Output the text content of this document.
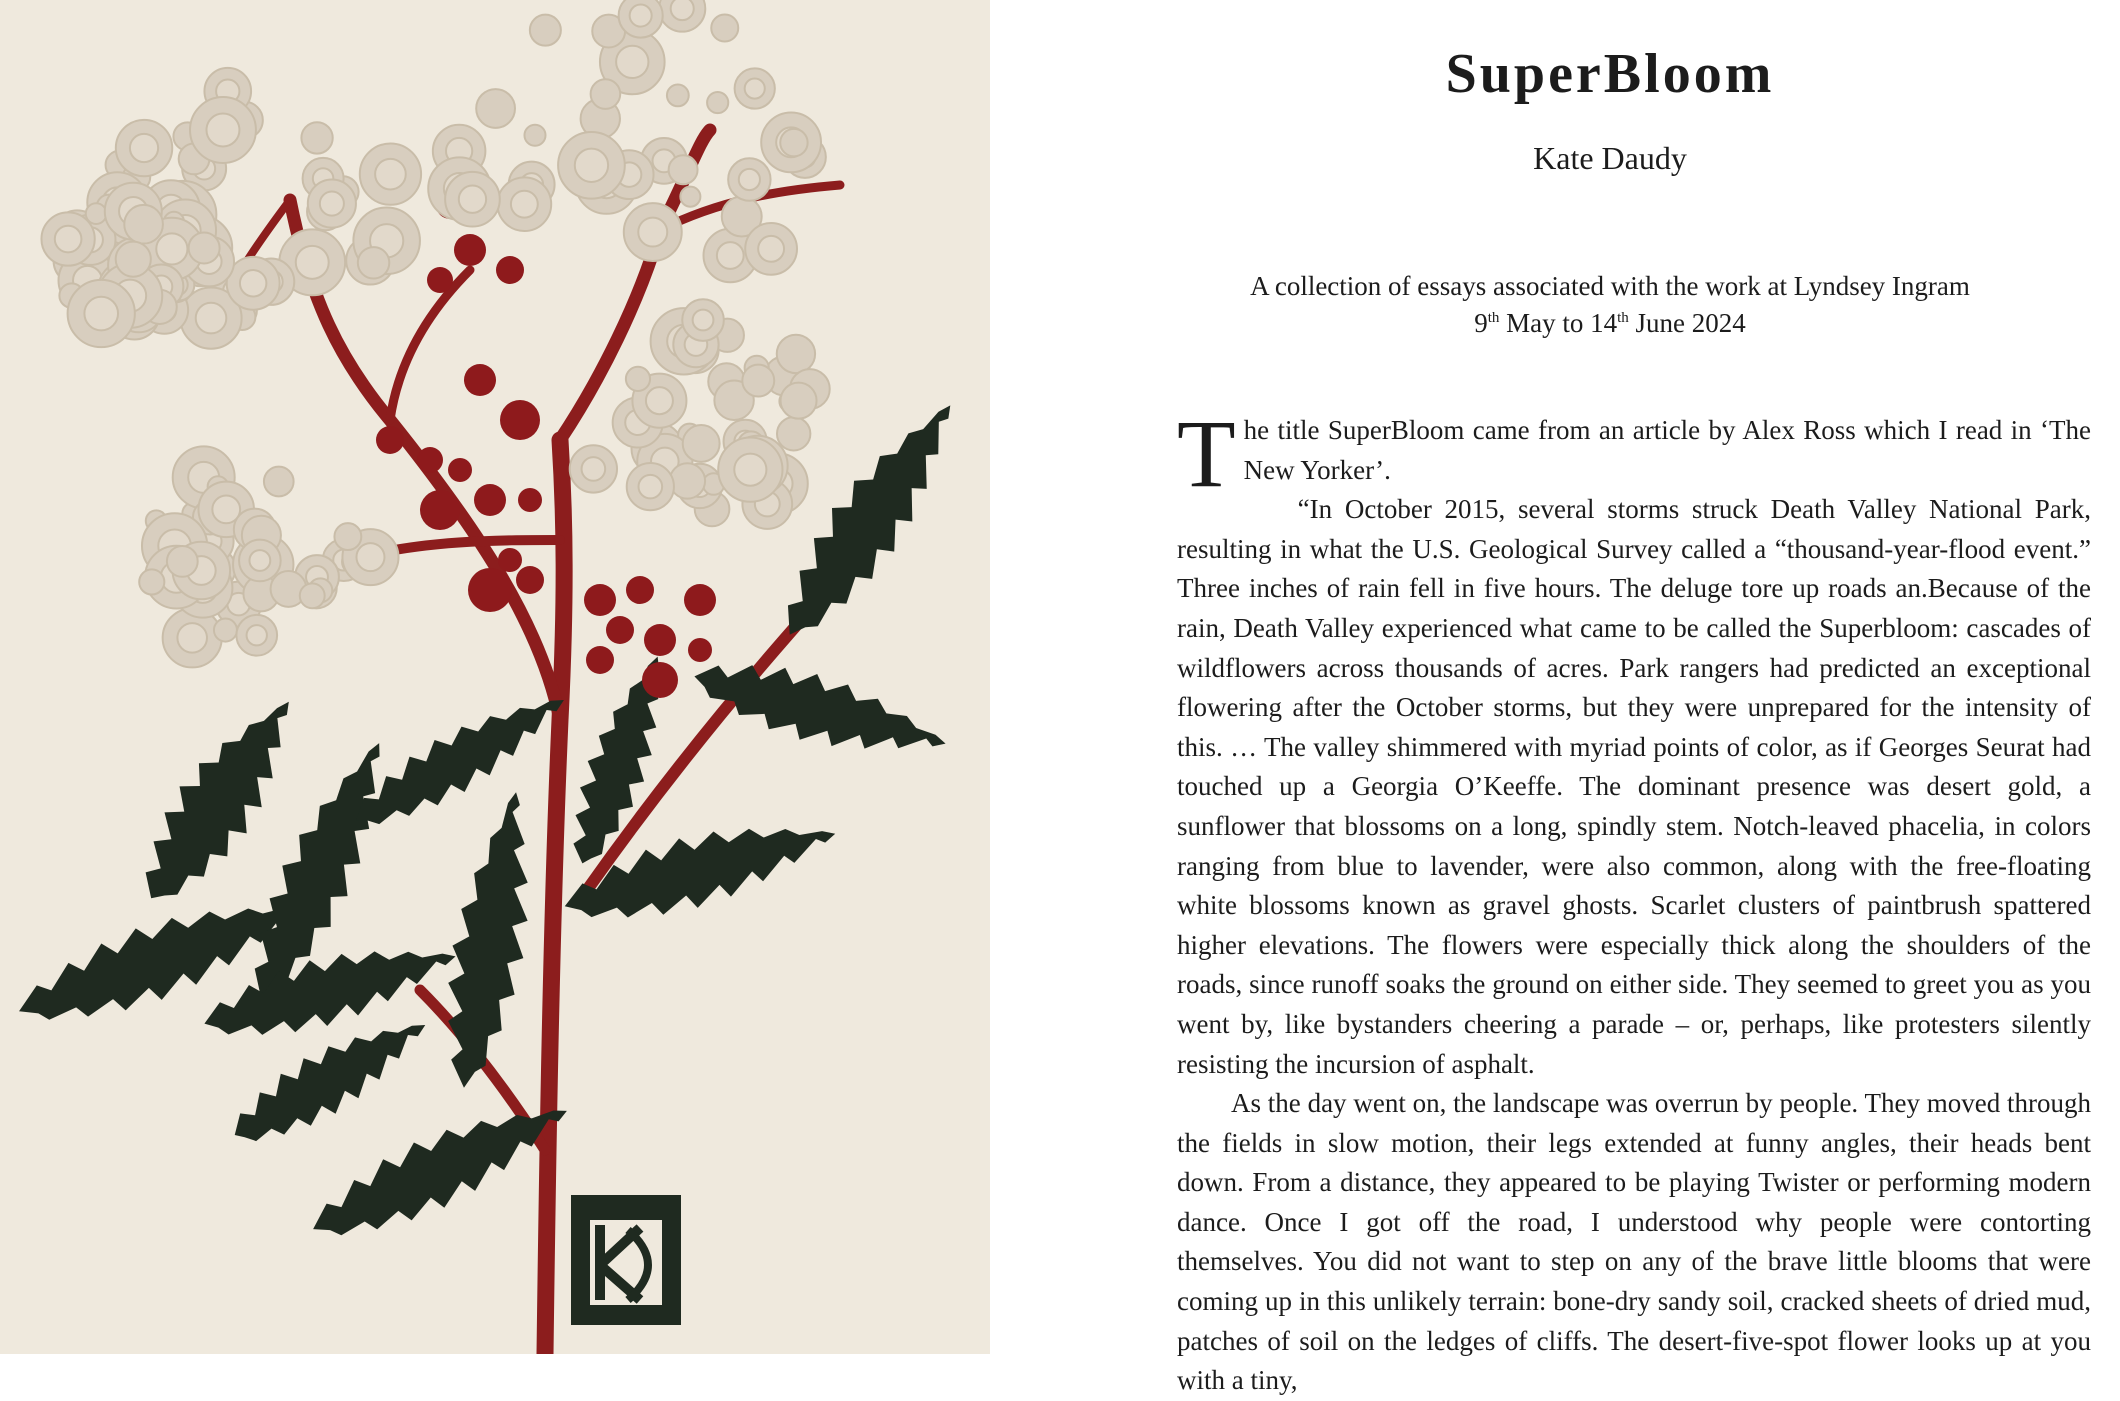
SuperBloom

Kate Daudy

A collection of essays associated with the work at Lyndsey Ingram
9th May to 14th June 2024

The title SuperBloom came from an article by Alex Ross which I read in ‘The New Yorker’.

“In October 2015, several storms struck Death Valley National Park, resulting in what the U.S. Geological Survey called a “thousand-year-flood event.” Three inches of rain fell in five hours. The deluge tore up roads an.Because of the rain, Death Valley experienced what came to be called the Superbloom: cascades of wildflowers across thousands of acres. Park rangers had predicted an exceptional flowering after the October storms, but they were unprepared for the intensity of this. … The valley shimmered with myriad points of color, as if Georges Seurat had touched up a Georgia O’Keeffe. The dominant presence was desert gold, a sunflower that blossoms on a long, spindly stem. Notch-leaved phacelia, in colors ranging from blue to lavender, were also common, along with the free-floating white blossoms known as gravel ghosts. Scarlet clusters of paintbrush spattered higher elevations. The flowers were especially thick along the shoulders of the roads, since runoff soaks the ground on either side. They seemed to greet you as you went by, like bystanders cheering a parade – or, perhaps, like protesters silently resisting the incursion of asphalt.

As the day went on, the landscape was overrun by people. They moved through the fields in slow motion, their legs extended at funny angles, their heads bent down. From a distance, they appeared to be playing Twister or performing modern dance. Once I got off the road, I understood why people were contorting themselves. You did not want to step on any of the brave little blooms that were coming up in this unlikely terrain: bone-dry sandy soil, cracked sheets of dried mud, patches of soil on the ledges of cliffs. The desert-five-spot flower looks up at you with a tiny,
